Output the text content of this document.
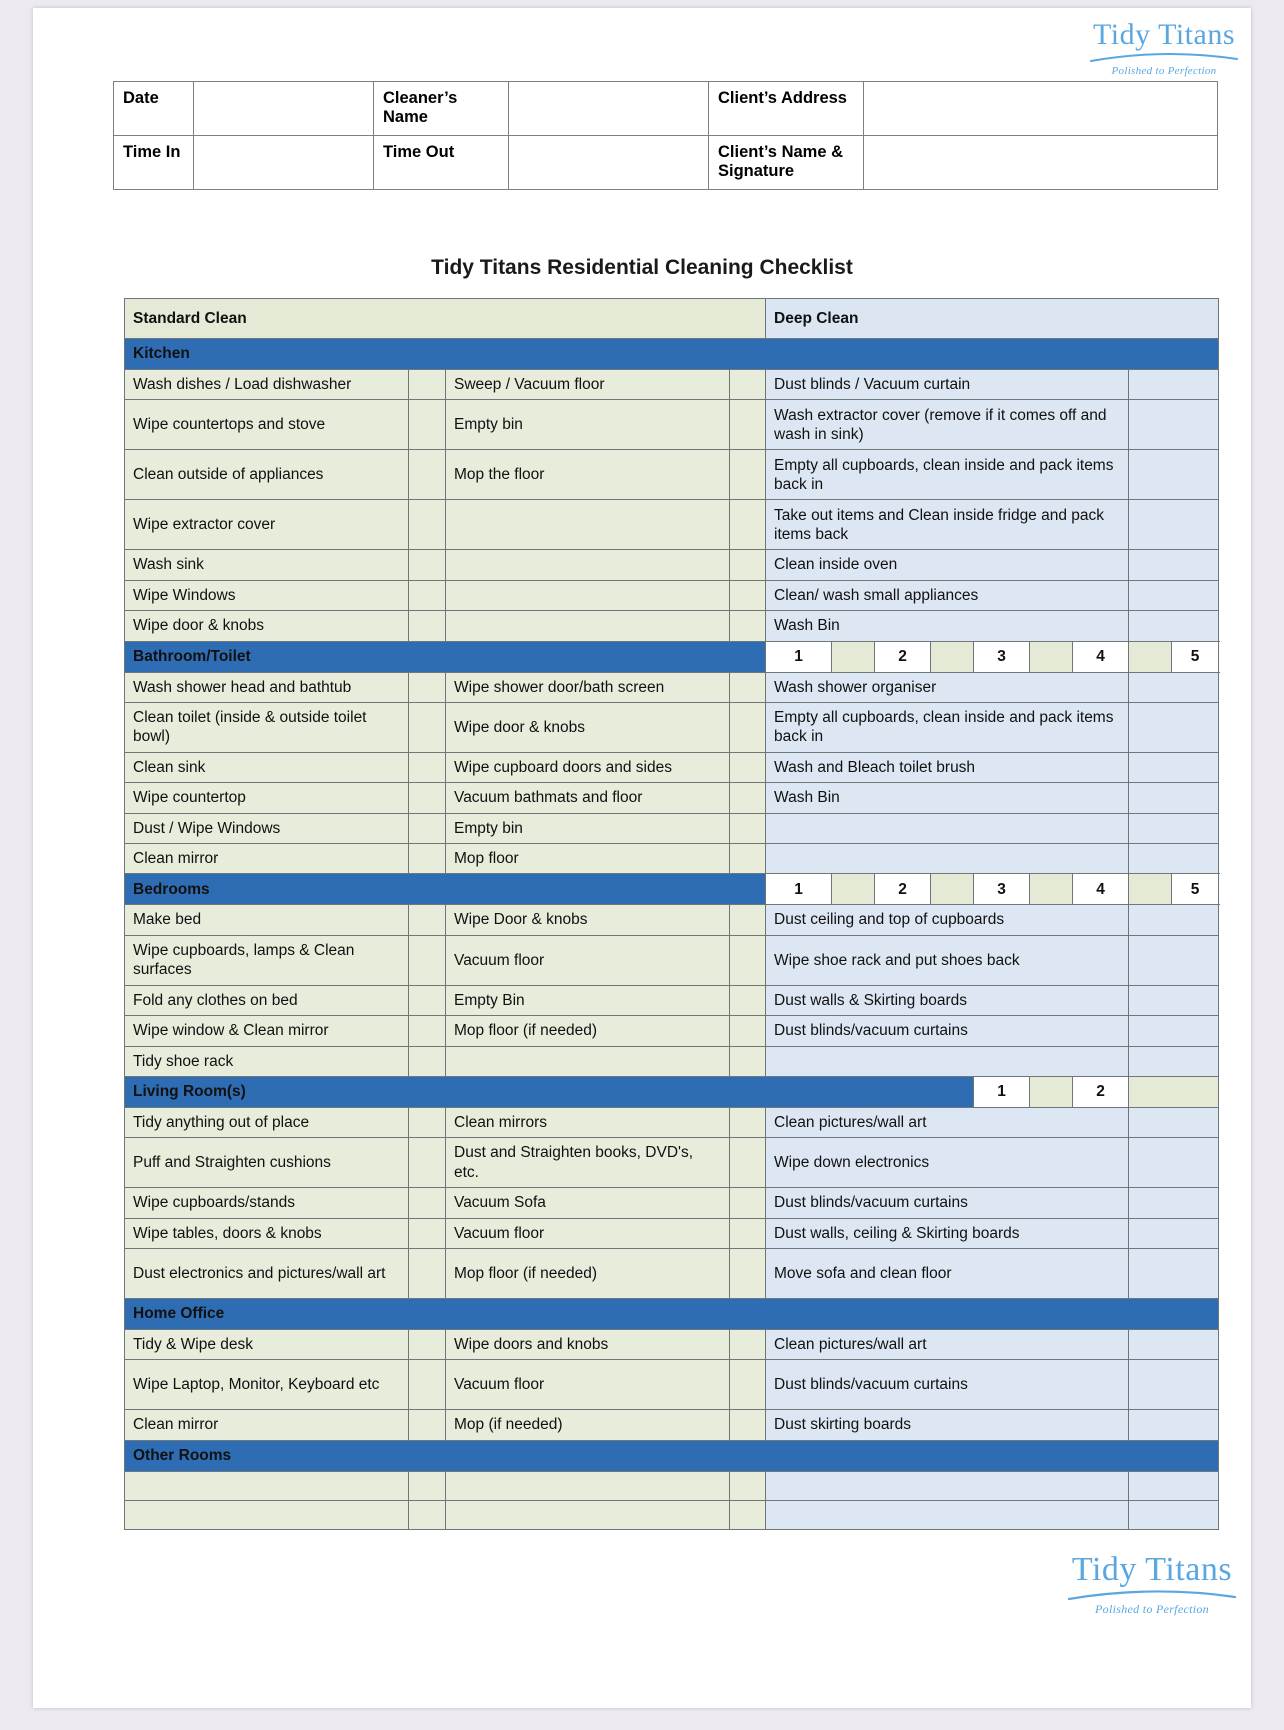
Tidy Titans
Polished to Perfection
Date		Cleaner’s Name		Client’s Address	
Time In		Time Out		Client’s Name & Signature	
Tidy Titans Residential Cleaning Checklist
Standard Clean				Deep Clean									
Kitchen													
Wash dishes / Load dishwasher		Sweep / Vacuum floor		Dust blinds / Vacuum curtain									
Wipe countertops and stove		Empty bin		Wash extractor cover (remove if it comes off and wash in sink)									
Clean outside of appliances		Mop the floor		Empty all cupboards, clean inside and pack items back in									
Wipe extractor cover				Take out items and Clean inside fridge and pack items back									
Wash sink				Clean inside oven									
Wipe Windows				Clean/ wash small appliances									
Wipe door & knobs				Wash Bin									
Bathroom/Toilet				1		2		3		4		5	
Wash shower head and bathtub		Wipe shower door/bath screen		Wash shower organiser									
Clean toilet (inside & outside toilet bowl)		Wipe door & knobs		Empty all cupboards, clean inside and pack items back in									
Clean sink		Wipe cupboard doors and sides		Wash and Bleach toilet brush									
Wipe countertop		Vacuum bathmats and floor		Wash Bin									
Dust / Wipe Windows		Empty bin											
Clean mirror		Mop floor											
Bedrooms				1		2		3		4		5	
Make bed		Wipe Door & knobs		Dust ceiling and top of cupboards									
Wipe cupboards, lamps & Clean surfaces		Vacuum floor		Wipe shoe rack and put shoes back									
Fold any clothes on bed		Empty Bin		Dust walls & Skirting boards									
Wipe window & Clean mirror		Mop floor (if needed)		Dust blinds/vacuum curtains									
Tidy shoe rack													
Living Room(s)								1		2			
Tidy anything out of place		Clean mirrors		Clean pictures/wall art									
Puff and Straighten cushions		Dust and Straighten books, DVD's, etc.		Wipe down electronics									
Wipe cupboards/stands		Vacuum Sofa		Dust blinds/vacuum curtains									
Wipe tables, doors & knobs		Vacuum floor		Dust walls, ceiling & Skirting boards									
Dust electronics and pictures/wall art		Mop floor (if needed)		Move sofa and clean floor									
Home Office													
Tidy & Wipe desk		Wipe doors and knobs		Clean pictures/wall art									
Wipe Laptop, Monitor, Keyboard etc		Vacuum floor		Dust blinds/vacuum curtains									
Clean mirror		Mop (if needed)		Dust skirting boards									
Other Rooms													

Tidy Titans
Polished to Perfection
